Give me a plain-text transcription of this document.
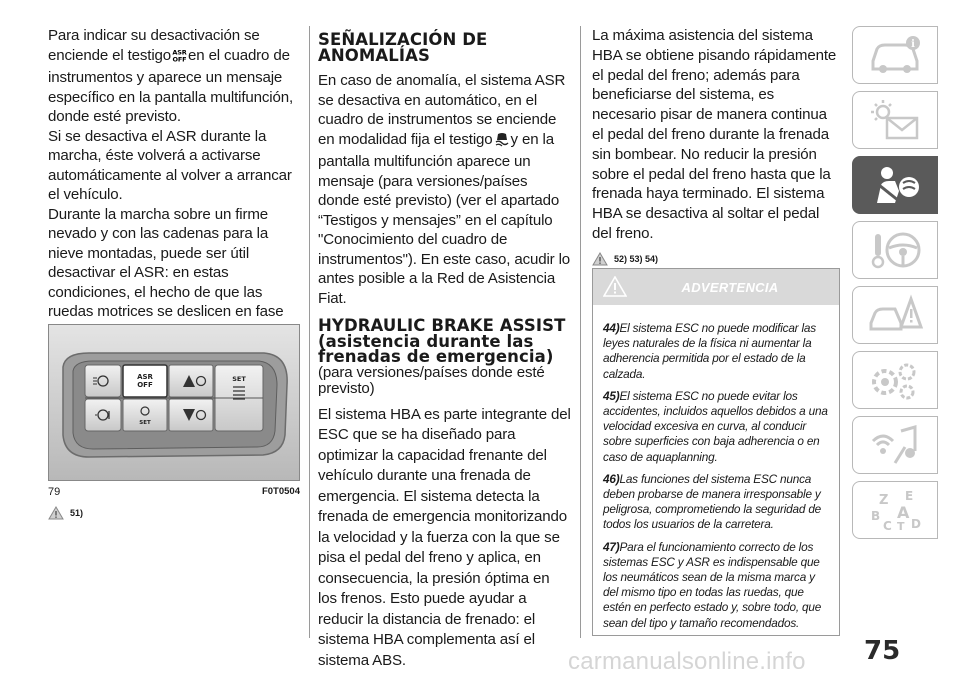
Para indicar su desactivación se enciende el testigo ASR
OFF en el cuadro de instrumentos y aparece un mensaje específico en la pantalla multifunción, donde esté previsto.

Si se desactiva el ASR durante la marcha, éste volverá a activarse automáticamente al volver a arrancar el vehículo.

Durante la marcha sobre un firme nevado y con las cadenas para la nieve montadas, puede ser útil desactivar el ASR: en estas condiciones, el hecho de que las ruedas motrices se deslicen en fase

ASR
OFF
SET
SET
79	F0T0504
51)
SEÑALIZACIÓN DE ANOMALÍAS

En caso de anomalía, el sistema ASR se desactiva en automático, en el cuadro de instrumentos se enciende en modalidad fija el testigo y en la pantalla multifunción aparece un mensaje (para versiones/países donde esté previsto) (ver el apartado “Testigos y mensajes” en el capítulo "Conocimiento del cuadro de instrumentos"). En este caso, acudir lo antes posible a la Red de Asistencia Fiat.

HYDRAULIC BRAKE ASSIST (asistencia durante las frenadas de emergencia)

(para versiones/países donde esté previsto)

El sistema HBA es parte integrante del ESC que se ha diseñado para optimizar la capacidad frenante del vehículo durante una frenada de emergencia. El sistema detecta la frenada de emergencia monitorizando la velocidad y la fuerza con la que se pisa el pedal del freno y aplica, en consecuencia, la presión óptima en los frenos. Esto puede ayudar a reducir la distancia de frenado: el sistema HBA complementa así el sistema ABS.

La máxima asistencia del sistema HBA se obtiene pisando rápidamente el pedal del freno; además para beneficiarse del sistema, es necesario pisar de manera continua el pedal del freno durante la frenada sin bombear. No reducir la presión sobre el pedal del freno hasta que la frenada haya terminado. El sistema HBA se desactiva al soltar el pedal del freno.

52) 53) 54)
ADVERTENCIA

44)El sistema ESC no puede modificar las leyes naturales de la física ni aumentar la adherencia permitida por el estado de la calzada.

45)El sistema ESC no puede evitar los accidentes, incluidos aquellos debidos a una velocidad excesiva en curva, al conducir sobre superficies con baja adherencia o en caso de aquaplanning.

46)Las funciones del sistema ESC nunca deben probarse de manera irresponsable y peligrosa, comprometiendo la seguridad de todos los usuarios de la carretera.

47)Para el funcionamiento correcto de los sistemas ESC y ASR es indispensable que los neumáticos sean de la misma marca y del mismo tipo en todas las ruedas, que estén en perfecto estado y, sobre todo, que sean del tipo y tamaño recomendados.

i
Z E
A
B
C T D
75
carmanualsonline.info
